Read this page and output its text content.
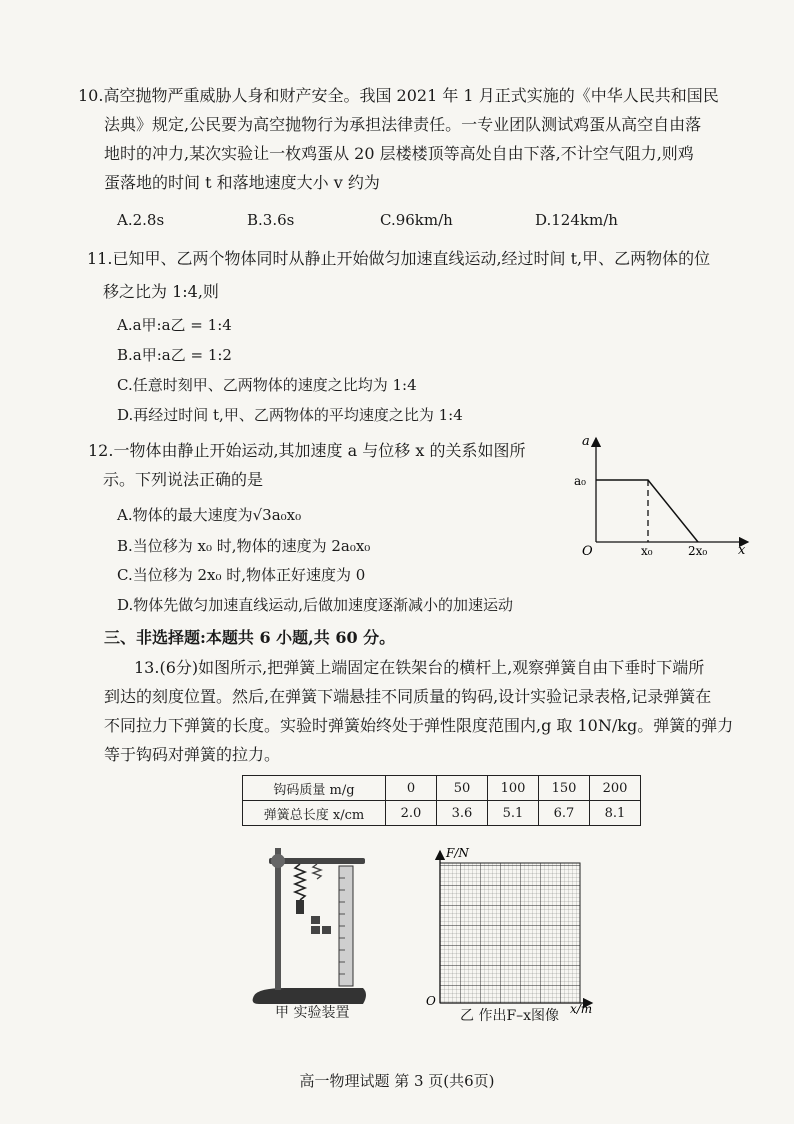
10.高空抛物严重威胁人身和财产安全。我国 2021 年 1 月正式实施的《中华人民共和国民
法典》规定,公民要为高空抛物行为承担法律责任。一专业团队测试鸡蛋从高空自由落
地时的冲力,某次实验让一枚鸡蛋从 20 层楼楼顶等高处自由下落,不计空气阻力,则鸡
蛋落地的时间 t 和落地速度大小 v 约为
A.2.8s	B.3.6s	C.96km/h	D.124km/h
11.已知甲、乙两个物体同时从静止开始做匀加速直线运动,经过时间 t,甲、乙两物体的位
移之比为 1:4,则
A.a甲:a乙 = 1:4
B.a甲:a乙 = 1:2
C.任意时刻甲、乙两物体的速度之比均为 1:4
D.再经过时间 t,甲、乙两物体的平均速度之比为 1:4
12.一物体由静止开始运动,其加速度 a 与位移 x 的关系如图所
示。下列说法正确的是
A.物体的最大速度为√3a₀x₀
B.当位移为 x₀ 时,物体的速度为 2a₀x₀
C.当位移为 2x₀ 时,物体正好速度为 0
D.物体先做匀加速直线运动,后做加速度逐渐减小的加速运动
a
a₀
O	x₀	2x₀ x
三、非选择题:本题共 6 小题,共 60 分。
13.(6分)如图所示,把弹簧上端固定在铁架台的横杆上,观察弹簧自由下垂时下端所
到达的刻度位置。然后,在弹簧下端悬挂不同质量的钩码,设计实验记录表格,记录弹簧在
不同拉力下弹簧的长度。实验时弹簧始终处于弹性限度范围内,g 取 10N/kg。弹簧的弹力
等于钩码对弹簧的拉力。
钩码质量 m/g	0	50	100	150	200
弹簧总长度 x/cm	2.0	3.6	5.1	6.7	8.1
甲 实验装置
F/N
O
x/m
乙 作出F–x图像
高一物理试题 第 3 页(共6页)
